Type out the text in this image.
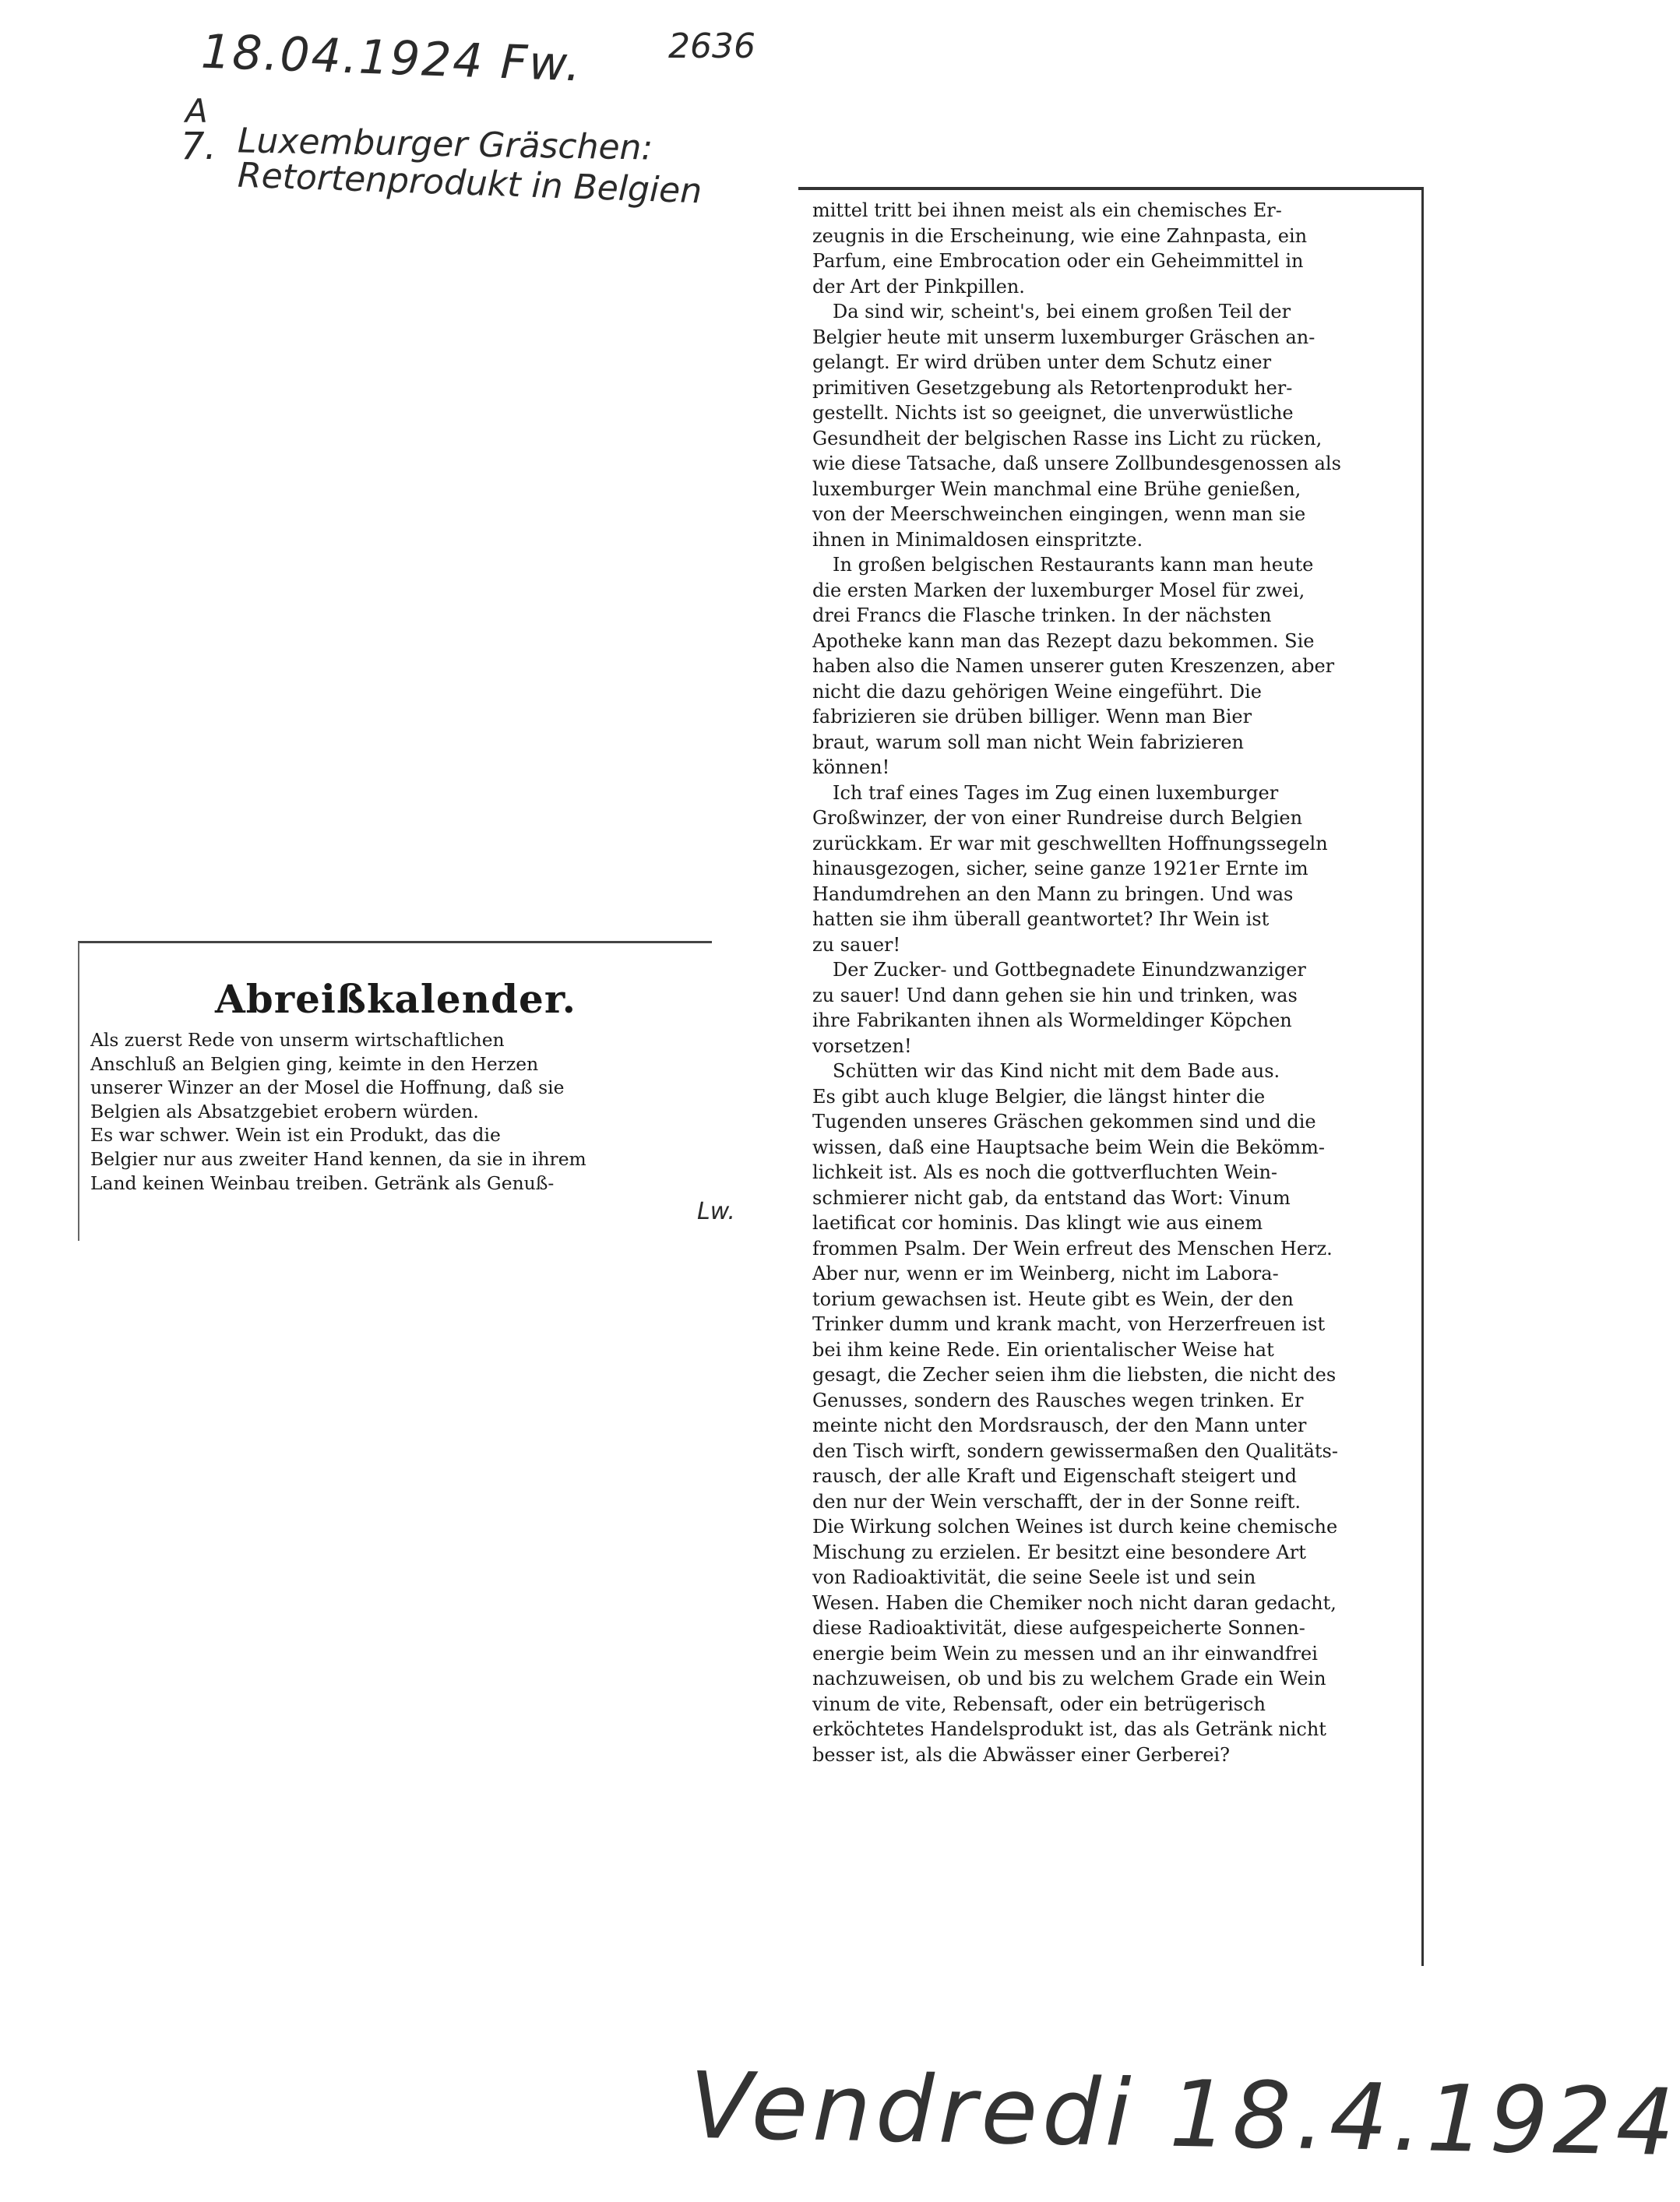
18.04.1924 Fw. 2636
A
7. Luxemburger Gräschen:
Retortenprodukt in Belgien
Lw.
Vendredi 18.4.1924
Abreißkalender.
Als zuerst Rede von unserm wirtschaftlichen
Anschluß an Belgien ging, keimte in den Herzen
unserer Winzer an der Mosel die Hoffnung, daß sie
Belgien als Absatzgebiet erobern würden.
Es war schwer. Wein ist ein Produkt, das die
Belgier nur aus zweiter Hand kennen, da sie in ihrem
Land keinen Weinbau treiben. Getränk als Genuß-

mittel tritt bei ihnen meist als ein chemisches Er-
zeugnis in die Erscheinung, wie eine Zahnpasta, ein
Parfum, eine Embrocation oder ein Geheimmittel in
der Art der Pinkpillen.

Da sind wir, scheint's, bei einem großen Teil der
Belgier heute mit unserm luxemburger Gräschen an-
gelangt. Er wird drüben unter dem Schutz einer
primitiven Gesetzgebung als Retortenprodukt her-
gestellt. Nichts ist so geeignet, die unverwüstliche
Gesundheit der belgischen Rasse ins Licht zu rücken,
wie diese Tatsache, daß unsere Zollbundesgenossen als
luxemburger Wein manchmal eine Brühe genießen,
von der Meerschweinchen eingingen, wenn man sie
ihnen in Minimaldosen einspritzte.

In großen belgischen Restaurants kann man heute
die ersten Marken der luxemburger Mosel für zwei,
drei Francs die Flasche trinken. In der nächsten
Apotheke kann man das Rezept dazu bekommen. Sie
haben also die Namen unserer guten Kreszenzen, aber
nicht die dazu gehörigen Weine eingeführt. Die
fabrizieren sie drüben billiger. Wenn man Bier
braut, warum soll man nicht Wein fabrizieren
können!

Ich traf eines Tages im Zug einen luxemburger
Großwinzer, der von einer Rundreise durch Belgien
zurückkam. Er war mit geschwellten Hoffnungssegeln
hinausgezogen, sicher, seine ganze 1921er Ernte im
Handumdrehen an den Mann zu bringen. Und was
hatten sie ihm überall geantwortet? Ihr Wein ist
zu sauer!

Der Zucker- und Gottbegnadete Einundzwanziger
zu sauer! Und dann gehen sie hin und trinken, was
ihre Fabrikanten ihnen als Wormeldinger Köpchen
vorsetzen!

Schütten wir das Kind nicht mit dem Bade aus.
Es gibt auch kluge Belgier, die längst hinter die
Tugenden unseres Gräschen gekommen sind und die
wissen, daß eine Hauptsache beim Wein die Bekömm-
lichkeit ist. Als es noch die gottverfluchten Wein-
schmierer nicht gab, da entstand das Wort: Vinum
laetificat cor hominis. Das klingt wie aus einem
frommen Psalm. Der Wein erfreut des Menschen Herz.
Aber nur, wenn er im Weinberg, nicht im Labora-
torium gewachsen ist. Heute gibt es Wein, der den
Trinker dumm und krank macht, von Herzerfreuen ist
bei ihm keine Rede. Ein orientalischer Weise hat
gesagt, die Zecher seien ihm die liebsten, die nicht des
Genusses, sondern des Rausches wegen trinken. Er
meinte nicht den Mordsrausch, der den Mann unter
den Tisch wirft, sondern gewissermaßen den Qualitäts-
rausch, der alle Kraft und Eigenschaft steigert und
den nur der Wein verschafft, der in der Sonne reift.
Die Wirkung solchen Weines ist durch keine chemische
Mischung zu erzielen. Er besitzt eine besondere Art
von Radioaktivität, die seine Seele ist und sein
Wesen. Haben die Chemiker noch nicht daran gedacht,
diese Radioaktivität, diese aufgespeicherte Sonnen-
energie beim Wein zu messen und an ihr einwandfrei
nachzuweisen, ob und bis zu welchem Grade ein Wein
vinum de vite, Rebensaft, oder ein betrügerisch
erköchtetes Handelsprodukt ist, das als Getränk nicht
besser ist, als die Abwässer einer Gerberei?
